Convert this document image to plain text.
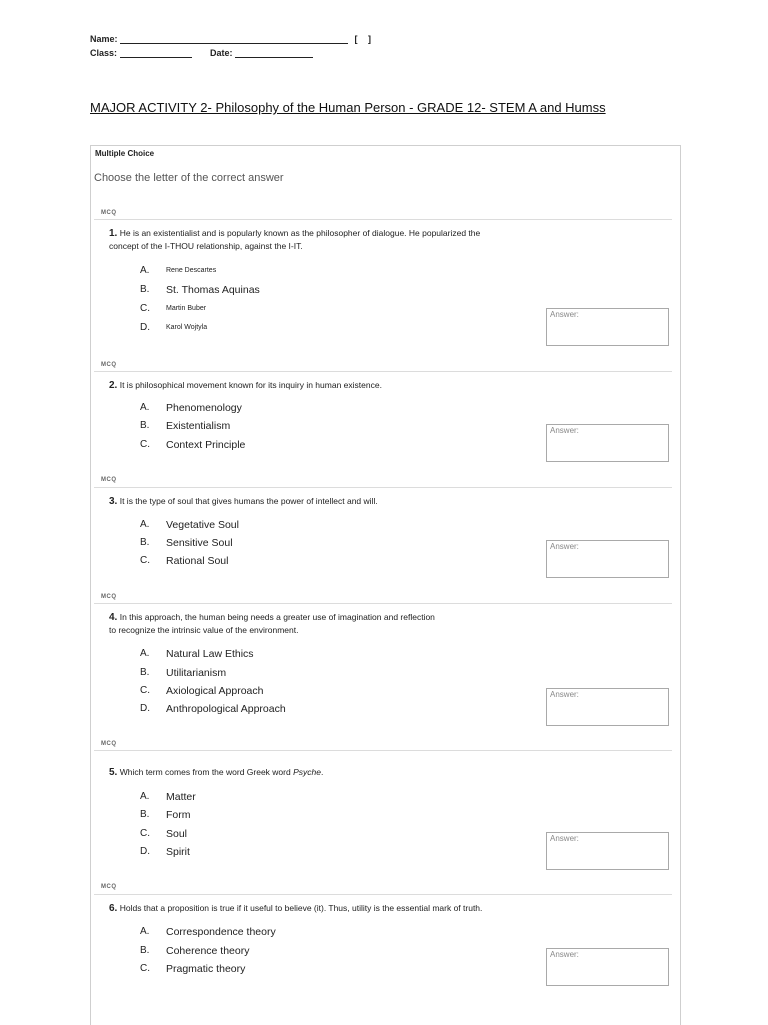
Name:	[ ]
Class:	Date:
MAJOR ACTIVITY 2- Philosophy of the Human Person - GRADE 12- STEM A and Humss
Multiple Choice
Choose the letter of the correct answer
MCQ
1. He is an existentialist and is popularly known as the philosopher of dialogue. He popularized the
concept of the I-THOU relationship, against the I-IT.
A. Rene Descartes
B. St. Thomas Aquinas
C. Martin Buber
D. Karol Wojtyla
Answer:
MCQ
2. It is philosophical movement known for its inquiry in human existence.
A. Phenomenology
B. Existentialism
C. Context Principle
Answer:
MCQ
3. It is the type of soul that gives humans the power of intellect and will.
A. Vegetative Soul
B. Sensitive Soul
C. Rational Soul
Answer:
MCQ
4. In this approach, the human being needs a greater use of imagination and reflection
to recognize the intrinsic value of the environment.
A. Natural Law Ethics
B. Utilitarianism
C. Axiological Approach
D. Anthropological Approach
Answer:
MCQ
5. Which term comes from the word Greek word Psyche.
A. Matter
B. Form
C. Soul
D. Spirit
Answer:
MCQ
6. Holds that a proposition is true if it useful to believe (it). Thus, utility is the essential mark of truth.
A. Correspondence theory
B. Coherence theory
C. Pragmatic theory
Answer:
